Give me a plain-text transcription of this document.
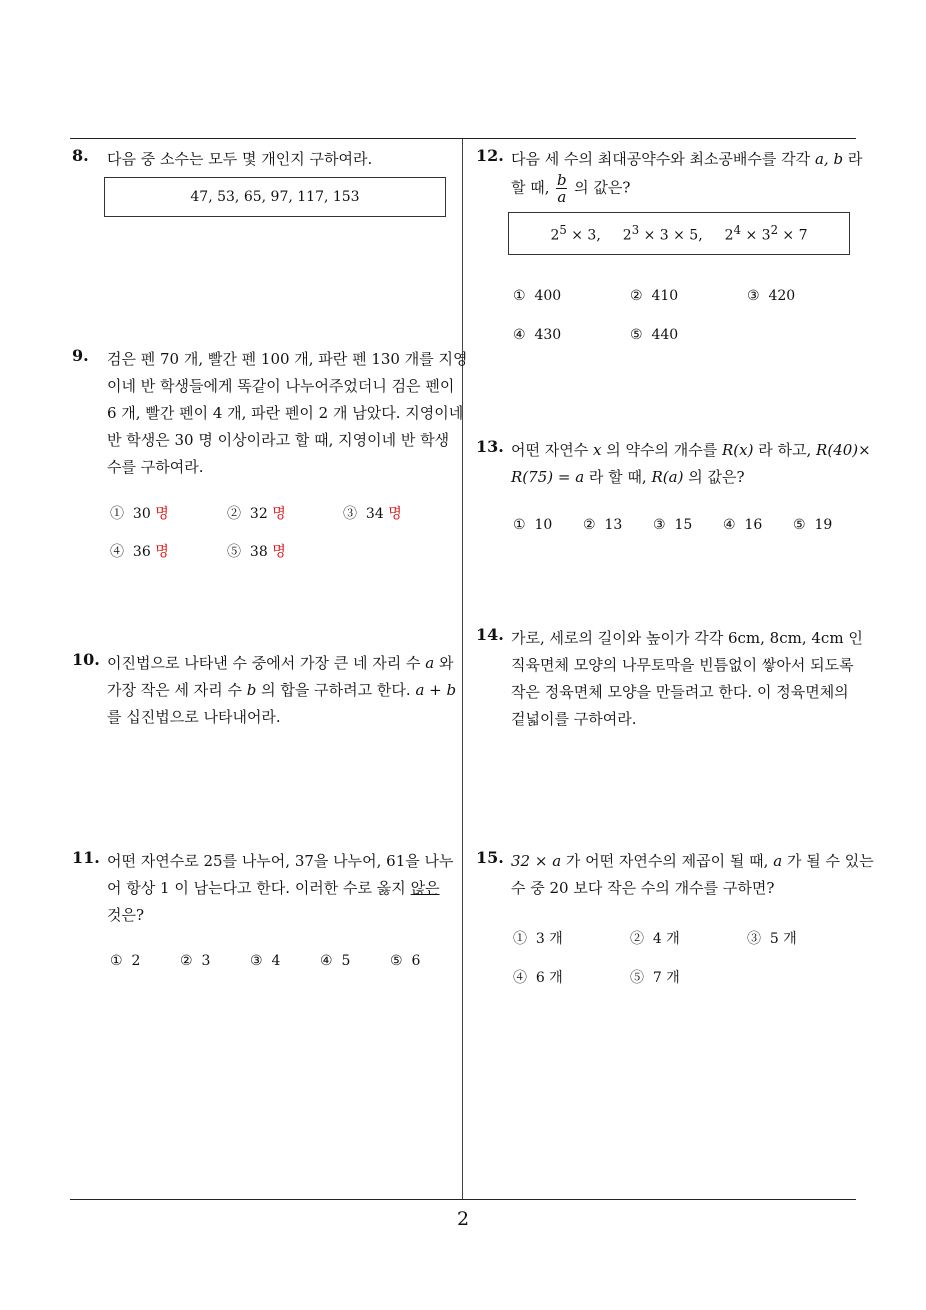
8. 다음 중 소수는 모두 몇 개인지 구하여라.
47, 53, 65, 97, 117, 153
9. 검은 펜 70 개, 빨간 펜 100 개, 파란 펜 130 개를 지영
이네 반 학생들에게 똑같이 나누어주었더니 검은 펜이
6 개, 빨간 펜이 4 개, 파란 펜이 2 개 남았다. 지영이네
반 학생은 30 명 이상이라고 할 때, 지영이네 반 학생
수를 구하여라.
① 30 명	② 32 명	③ 34 명
④ 36 명	⑤ 38 명
10. 이진법으로 나타낸 수 중에서 가장 큰 네 자리 수 a 와
가장 작은 세 자리 수 b 의 합을 구하려고 한다. a + b
를 십진법으로 나타내어라.
11. 어떤 자연수로 25를 나누어, 37을 나누어, 61을 나누
어 항상 1 이 남는다고 한다. 이러한 수로 옳지 않은
것은?
① 2	② 3	③ 4	④ 5	⑤ 6
12. 다음 세 수의 최대공약수와 최소공배수를 각각 a, b 라
할 때, $\frac{b}{a}$ 의 값은?
$2^5 \times 3$, $2^3 \times 3 \times 5$, $2^4 \times 3^2 \times 7$
① 400	② 410	③ 420
④ 430	⑤ 440
13. 어떤 자연수 x 의 약수의 개수를 R(x) 라 하고, R(40)×
R(75) = a 라 할 때, R(a) 의 값은?
① 10 ② 13 ③ 15 ④ 16 ⑤ 19
14. 가로, 세로의 길이와 높이가 각각 6cm, 8cm, 4cm 인
직육면체 모양의 나무토막을 빈틈없이 쌓아서 되도록
작은 정육면체 모양을 만들려고 한다. 이 정육면체의
겉넓이를 구하여라.
15. 32 × a 가 어떤 자연수의 제곱이 될 때, a 가 될 수 있는
수 중 20 보다 작은 수의 개수를 구하면?
① 3 개	② 4 개	③ 5 개
④ 6 개	⑤ 7 개
2
